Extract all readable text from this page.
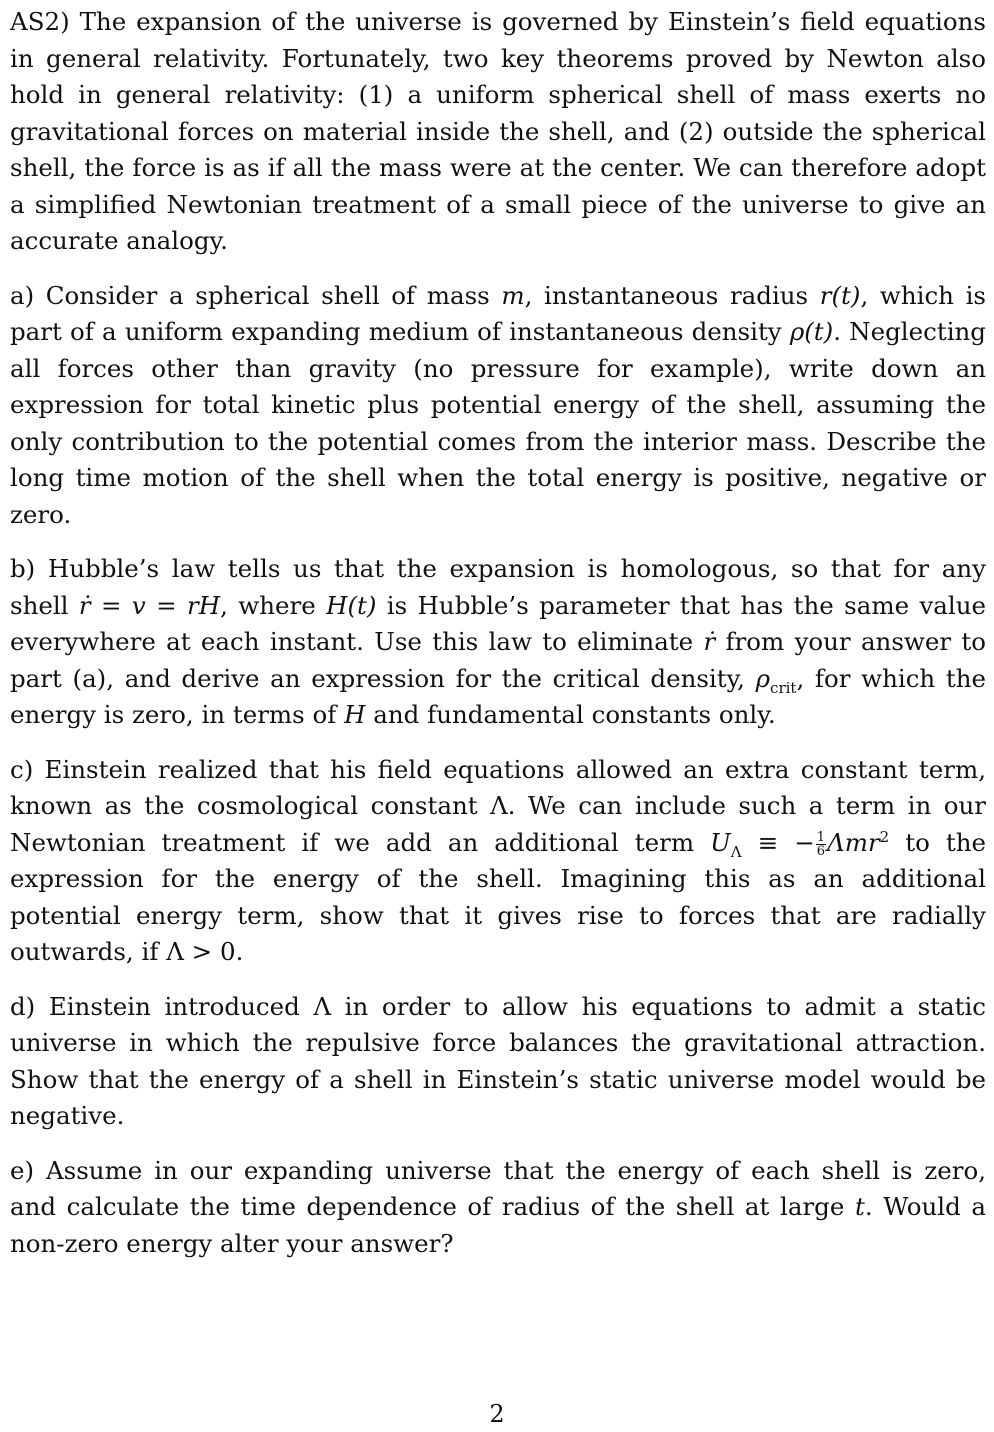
AS2) The expansion of the universe is governed by Einstein’s field equations in general relativity. Fortunately, two key theorems proved by Newton also hold in general relativity: (1) a uniform spherical shell of mass exerts no gravitational forces on material inside the shell, and (2) outside the spherical shell, the force is as if all the mass were at the center. We can therefore adopt a simplified Newtonian treatment of a small piece of the universe to give an accurate analogy.

a) Consider a spherical shell of mass m, instantaneous radius r(t), which is part of a uniform expanding medium of instantaneous density ρ(t). Neglecting all forces other than gravity (no pressure for example), write down an expression for total kinetic plus potential energy of the shell, assuming the only contribution to the potential comes from the interior mass. Describe the long time motion of the shell when the total energy is positive, negative or zero.

b) Hubble’s law tells us that the expansion is homologous, so that for any shell ṙ = v = rH, where H(t) is Hubble’s parameter that has the same value everywhere at each instant. Use this law to eliminate ṙ from your answer to part (a), and derive an expression for the critical density, $\rho_{crit}$, for which the energy is zero, in terms of H and fundamental constants only.

c) Einstein realized that his field equations allowed an extra constant term, known as the cosmological constant Λ. We can include such a term in our Newtonian treatment if we add an additional term $U_\Lambda$ ≡ − $\frac{1}{6} \Lambda mr^2$ to the expression for the energy of the shell. Imagining this as an additional potential energy term, show that it gives rise to forces that are radially outwards, if Λ > 0.

d) Einstein introduced Λ in order to allow his equations to admit a static universe in which the repulsive force balances the gravitational attraction. Show that the energy of a shell in Einstein’s static universe model would be negative.

e) Assume in our expanding universe that the energy of each shell is zero, and calculate the time dependence of radius of the shell at large t. Would a non-zero energy alter your answer?

2
